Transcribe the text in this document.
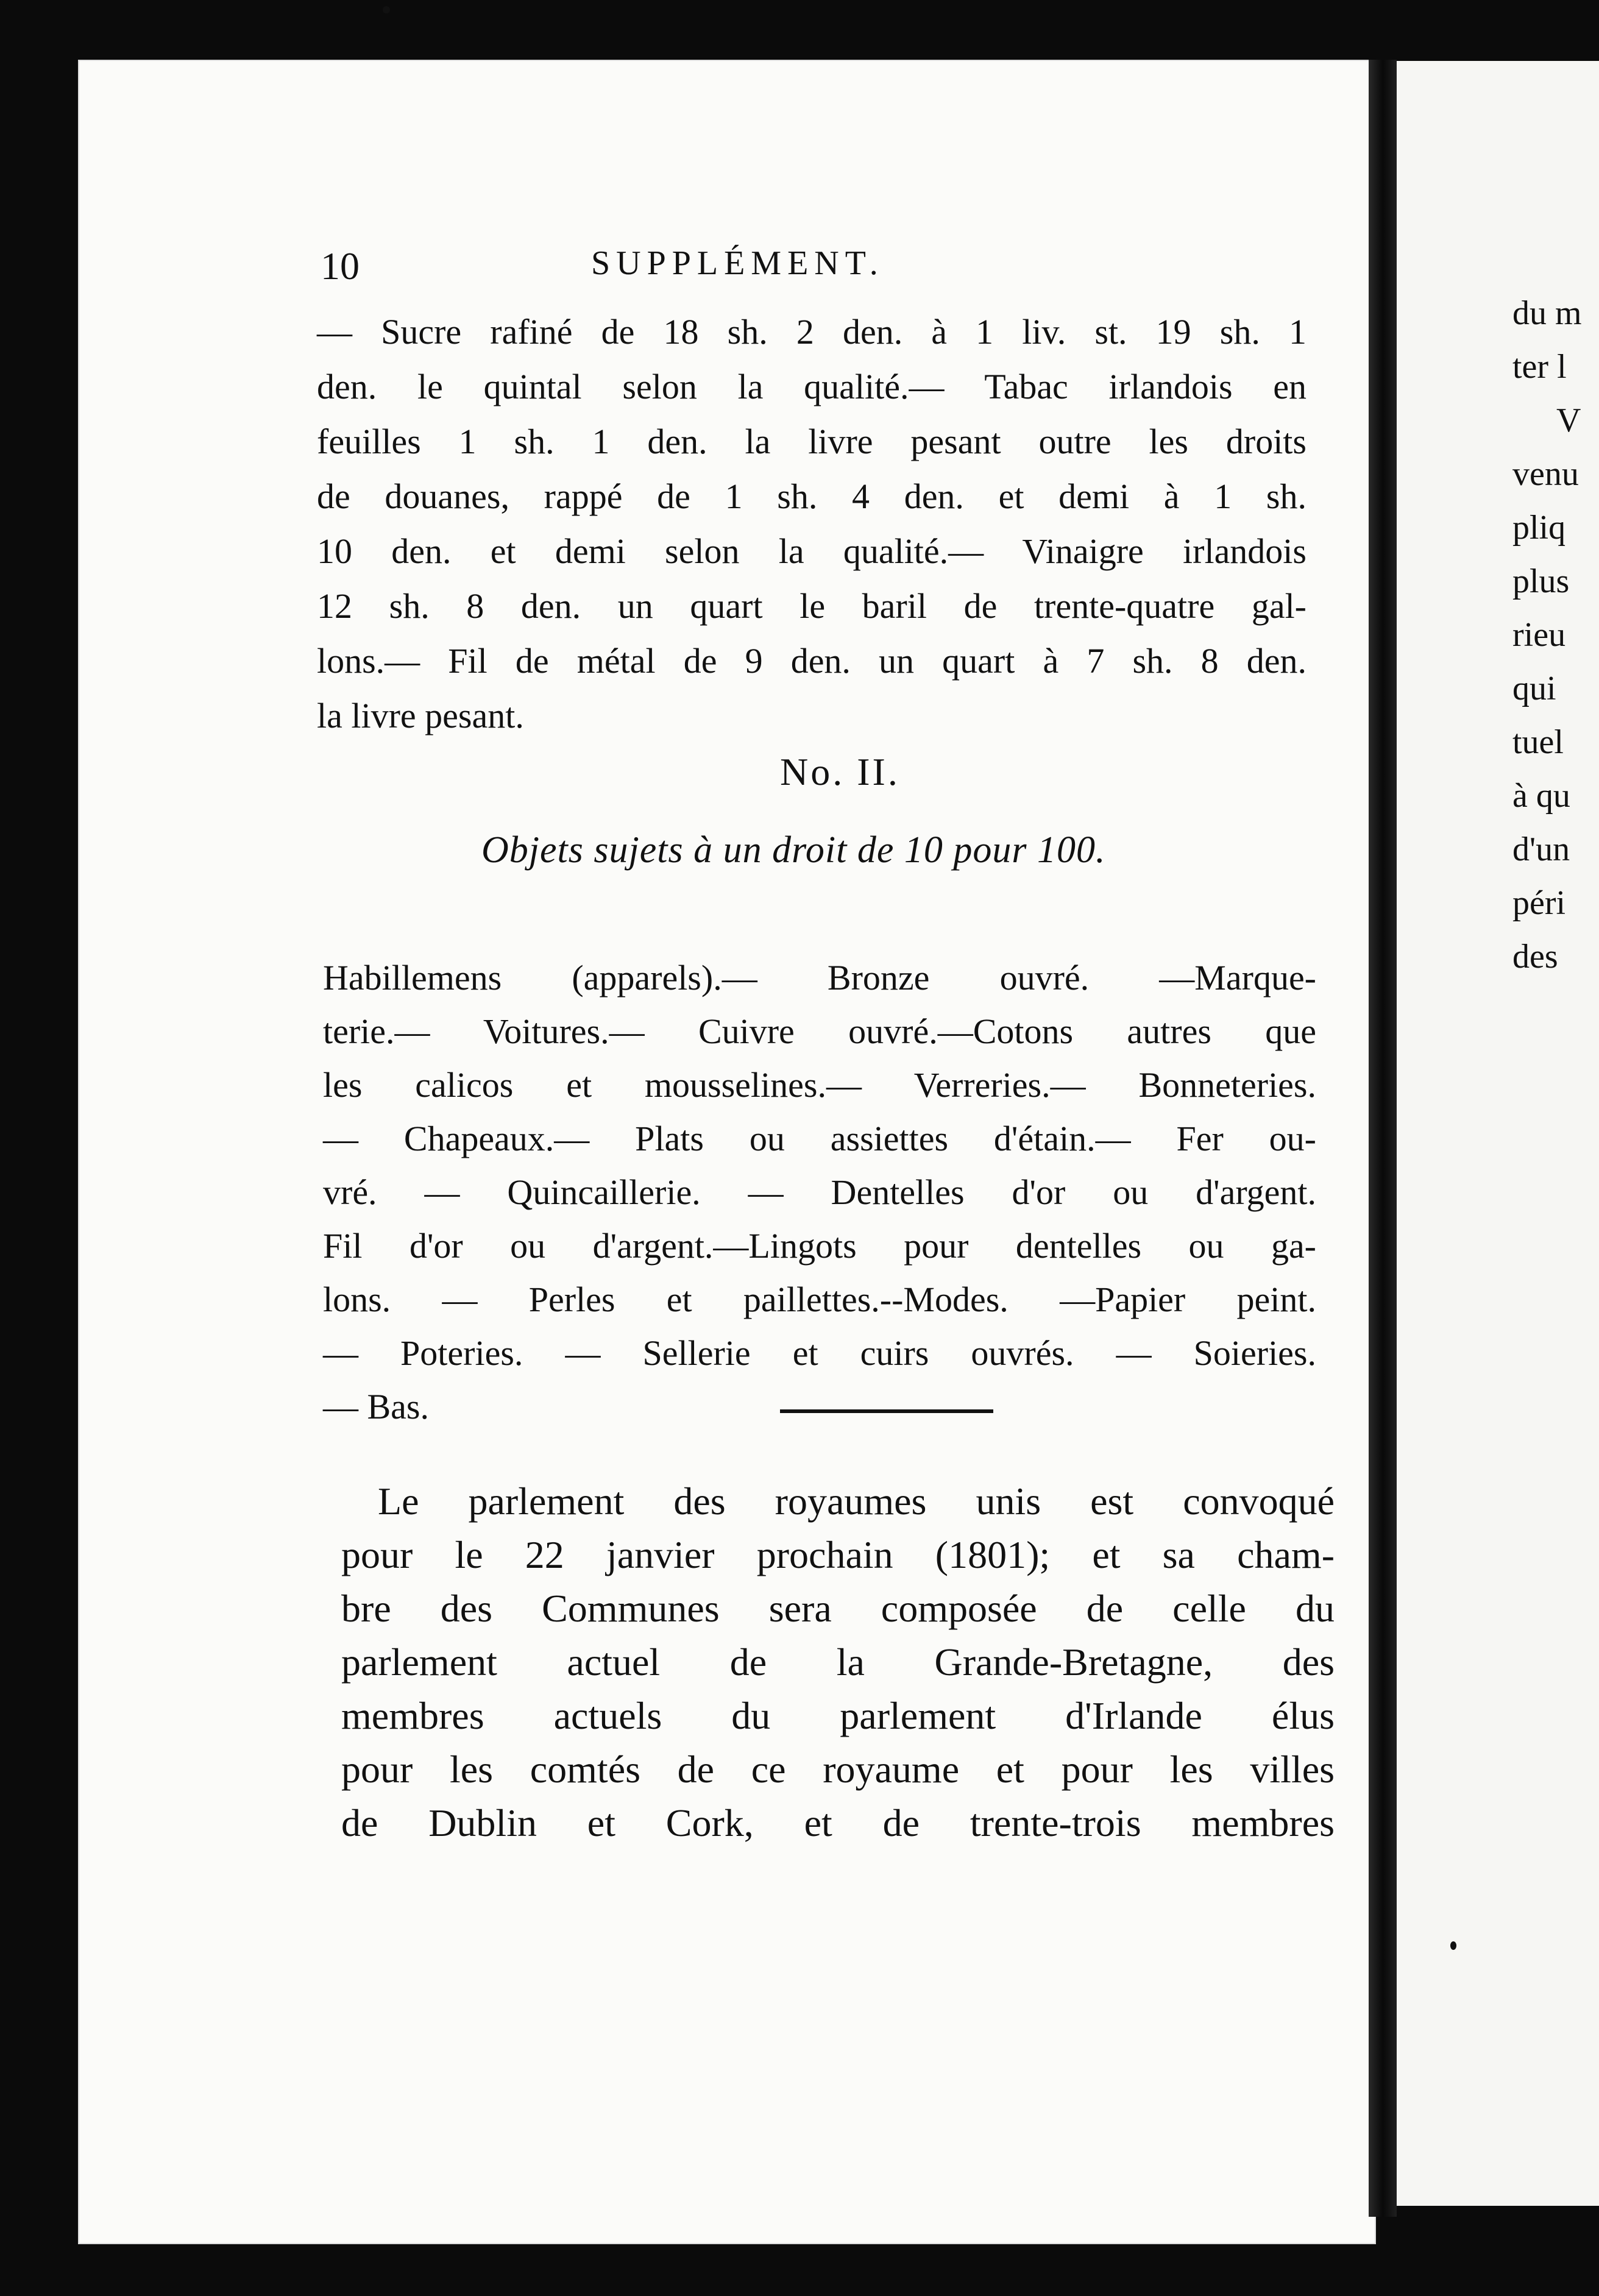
du m
ter l
V
venu
pliq
plus
rieu
qui
tuel
à qu
d'un
péri
des
10	SUPPLÉMENT.
— Sucre rafiné de 18 sh. 2 den. à 1 liv. st. 19 sh. 1
den. le quintal selon la qualité.— Tabac irlandois en
feuilles 1 sh. 1 den. la livre pesant outre les droits
de douanes, rappé de 1 sh. 4 den. et demi à 1 sh.
10 den. et demi selon la qualité.— Vinaigre irlandois
12 sh. 8 den. un quart le baril de trente-quatre gal-
lons.— Fil de métal de 9 den. un quart à 7 sh. 8 den.
la livre pesant.
No. II.
Objets sujets à un droit de 10 pour 100.
Habillemens (apparels).— Bronze ouvré. —Marque-
terie.— Voitures.— Cuivre ouvré.—Cotons autres que
les calicos et mousselines.— Verreries.— Bonneteries.
— Chapeaux.— Plats ou assiettes d'étain.— Fer ou-
vré. — Quincaillerie. — Dentelles d'or ou d'argent.
Fil d'or ou d'argent.—Lingots pour dentelles ou ga-
lons. — Perles et paillettes.--Modes. —Papier peint.
— Poteries. — Sellerie et cuirs ouvrés. — Soieries.
— Bas.
Le parlement des royaumes unis est convoqué
pour le 22 janvier prochain (1801); et sa cham-
bre des Communes sera composée de celle du
parlement actuel de la Grande-Bretagne, des
membres actuels du parlement d'Irlande élus
pour les comtés de ce royaume et pour les villes
de Dublin et Cork, et de trente-trois membres
